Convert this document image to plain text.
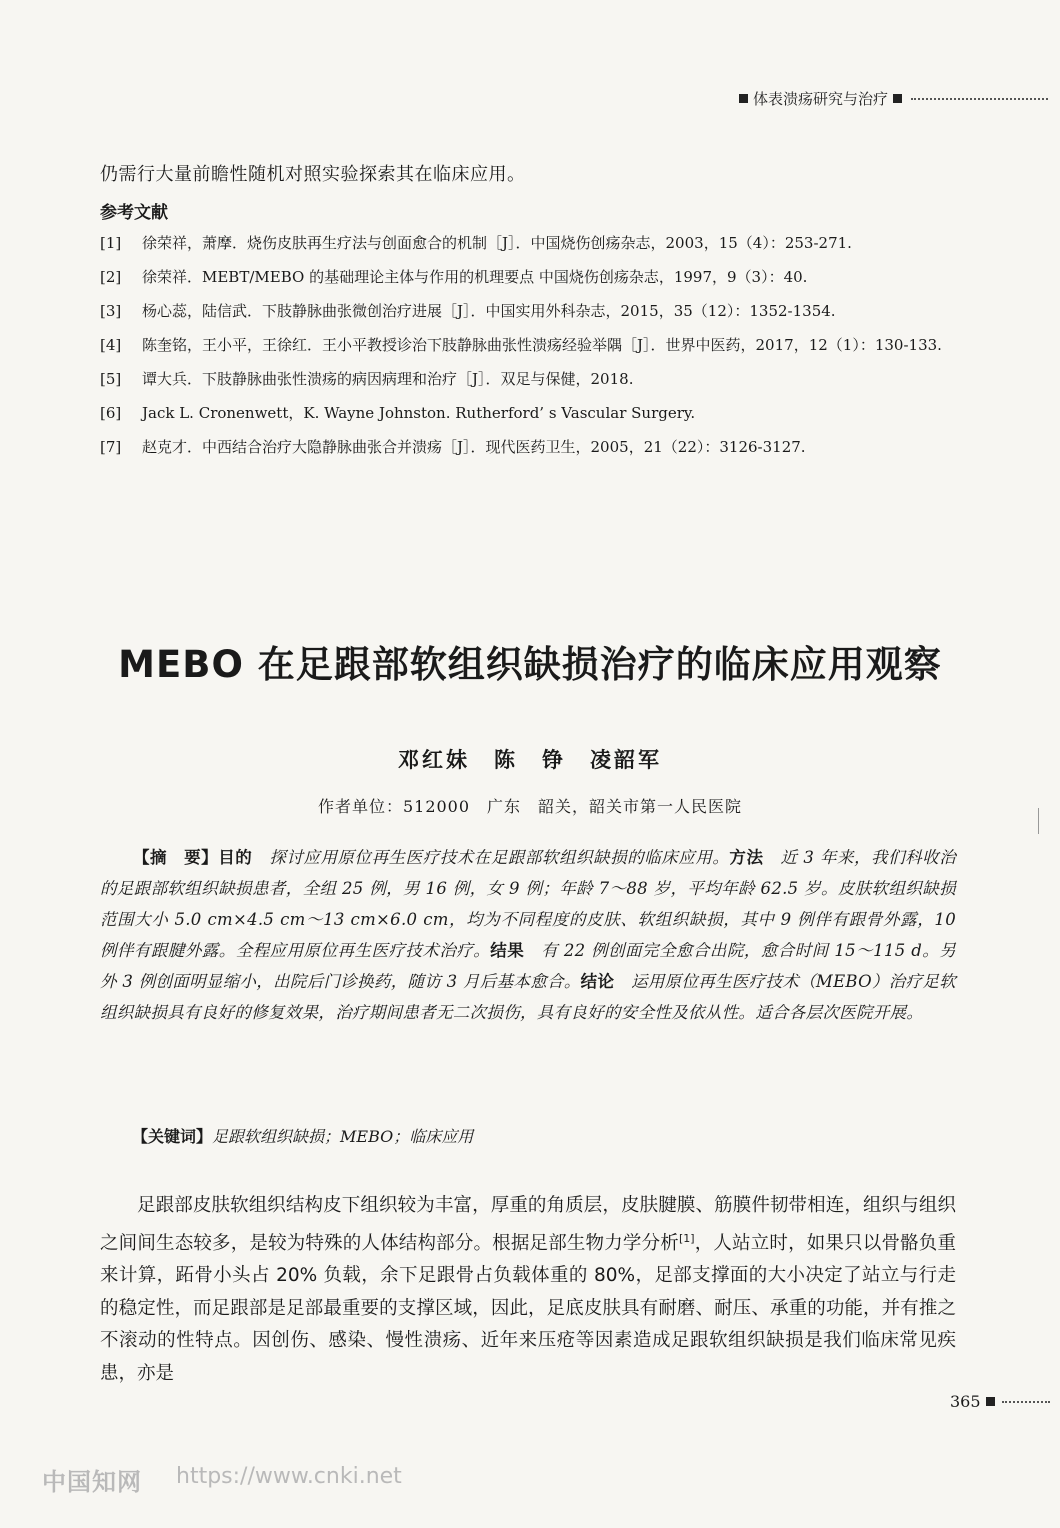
体表溃疡研究与治疗
仍需行大量前瞻性随机对照实验探索其在临床应用。
参考文献
[1]	徐荣祥，萧摩．烧伤皮肤再生疗法与创面愈合的机制［J］．中国烧伤创疡杂志，2003，15（4）：253-271.
[2]	徐荣祥．MEBT/MEBO 的基础理论主体与作用的机理要点 中国烧伤创疡杂志，1997，9（3）：40.
[3]	杨心蕊，陆信武．下肢静脉曲张微创治疗进展［J］．中国实用外科杂志，2015，35（12）：1352-1354.
[4]	陈奎铭，王小平，王徐红．王小平教授诊治下肢静脉曲张性溃疡经验举隅［J］．世界中医药，2017，12（1）：130-133.
[5]	谭大兵．下肢静脉曲张性溃疡的病因病理和治疗［J］．双足与保健，2018.
[6]	Jack L. Cronenwett，K. Wayne Johnston. Rutherford’ s Vascular Surgery.
[7]	赵克才．中西结合治疗大隐静脉曲张合并溃疡［J］．现代医药卫生，2005，21（22）：3126-3127.
MEBO 在足跟部软组织缺损治疗的临床应用观察
邓红妹　陈　铮　凌韶军
作者单位：512000　广东　韶关，韶关市第一人民医院

【摘　要】目的　探讨应用原位再生医疗技术在足跟部软组织缺损的临床应用。方法　近 3 年来，我们科收治的足跟部软组织缺损患者，全组 25 例，男 16 例，女 9 例；年龄 7～88 岁，平均年龄 62.5 岁。皮肤软组织缺损范围大小 5.0 cm×4.5 cm～13 cm×6.0 cm，均为不同程度的皮肤、软组织缺损，其中 9 例伴有跟骨外露，10 例伴有跟腱外露。全程应用原位再生医疗技术治疗。结果　有 22 例创面完全愈合出院，愈合时间 15～115 d。另外 3 例创面明显缩小，出院后门诊换药，随访 3 月后基本愈合。结论　运用原位再生医疗技术（MEBO）治疗足软组织缺损具有良好的修复效果，治疗期间患者无二次损伤，具有良好的安全性及依从性。适合各层次医院开展。

【关键词】足跟软组织缺损；MEBO；临床应用
足跟部皮肤软组织结构皮下组织较为丰富，厚重的角质层，皮肤腱膜、筋膜件韧带相连，组织与组织之间间生态较多，是较为特殊的人体结构部分。根据足部生物力学分析[1]，人站立时，如果只以骨骼负重来计算，跖骨小头占 20% 负载，余下足跟骨占负载体重的 80%，足部支撑面的大小决定了站立与行走的稳定性，而足跟部是足部最重要的支撑区域，因此，足底皮肤具有耐磨、耐压、承重的功能，并有推之不滚动的性特点。因创伤、感染、慢性溃疡、近年来压疮等因素造成足跟软组织缺损是我们临床常见疾患，亦是
365
中国知网 https://www.cnki.net
